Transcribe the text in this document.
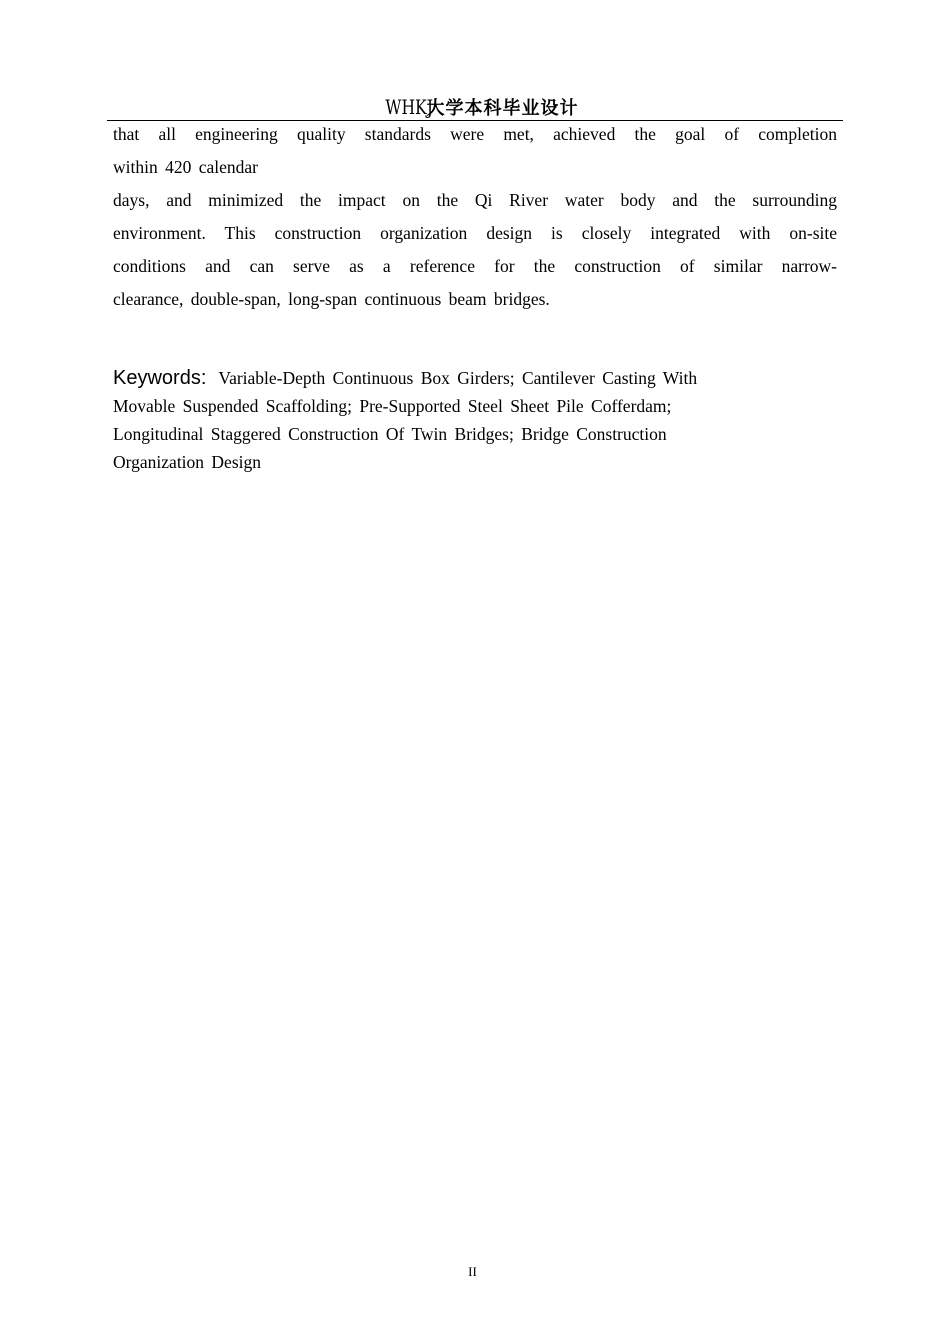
WHKJ 大学本科毕业设计
that all engineering quality standards were met, achieved the goal of completion
within 420 calendar
days, and minimized the impact on the Qi River water body and the surrounding
environment. This construction organization design is closely integrated with on-site
conditions and can serve as a reference for the construction of similar narrow-
clearance, double-span, long-span continuous beam bridges.
Keywords: Variable-Depth Continuous Box Girders; Cantilever Casting With
Movable Suspended Scaffolding; Pre-Supported Steel Sheet Pile Cofferdam;
Longitudinal Staggered Construction Of Twin Bridges; Bridge Construction
Organization Design
II
